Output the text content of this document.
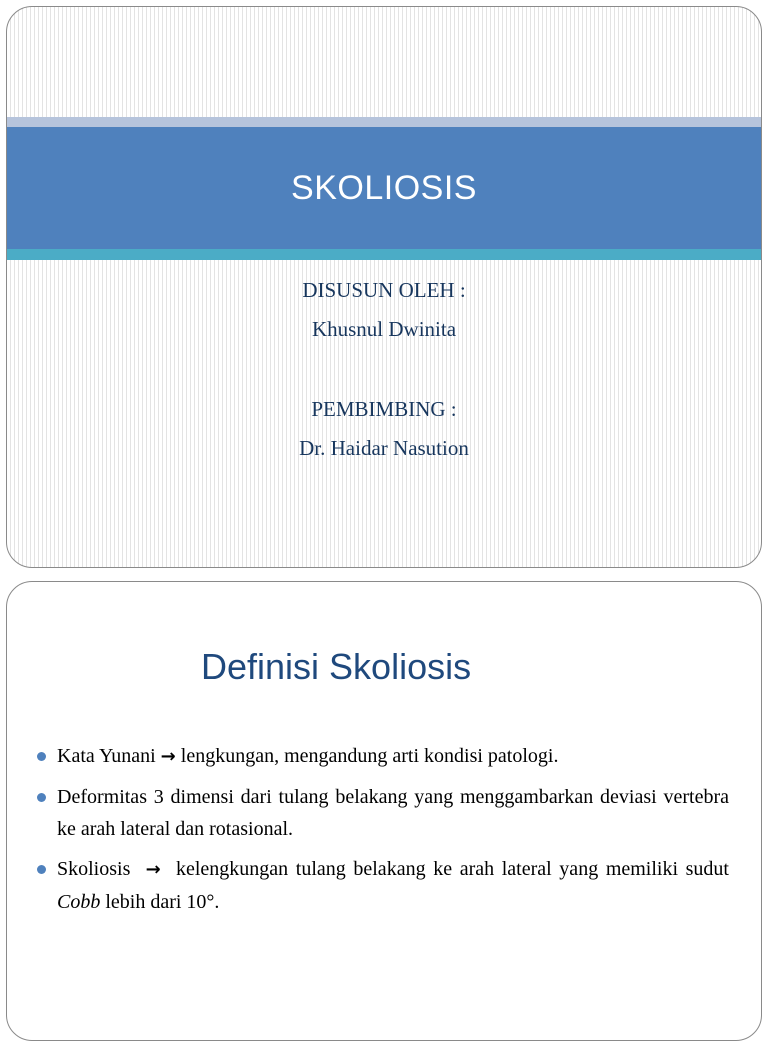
SKOLIOSIS
DISUSUN OLEH :
Khusnul Dwinita
PEMBIMBING :
Dr. Haidar Nasution
Definisi Skoliosis
Kata Yunani → lengkungan, mengandung arti kondisi patologi.
Deformitas 3 dimensi dari tulang belakang yang menggambarkan deviasi vertebra ke arah lateral dan rotasional.
Skoliosis → kelengkungan tulang belakang ke arah lateral yang memiliki sudut Cobb lebih dari 10°.
